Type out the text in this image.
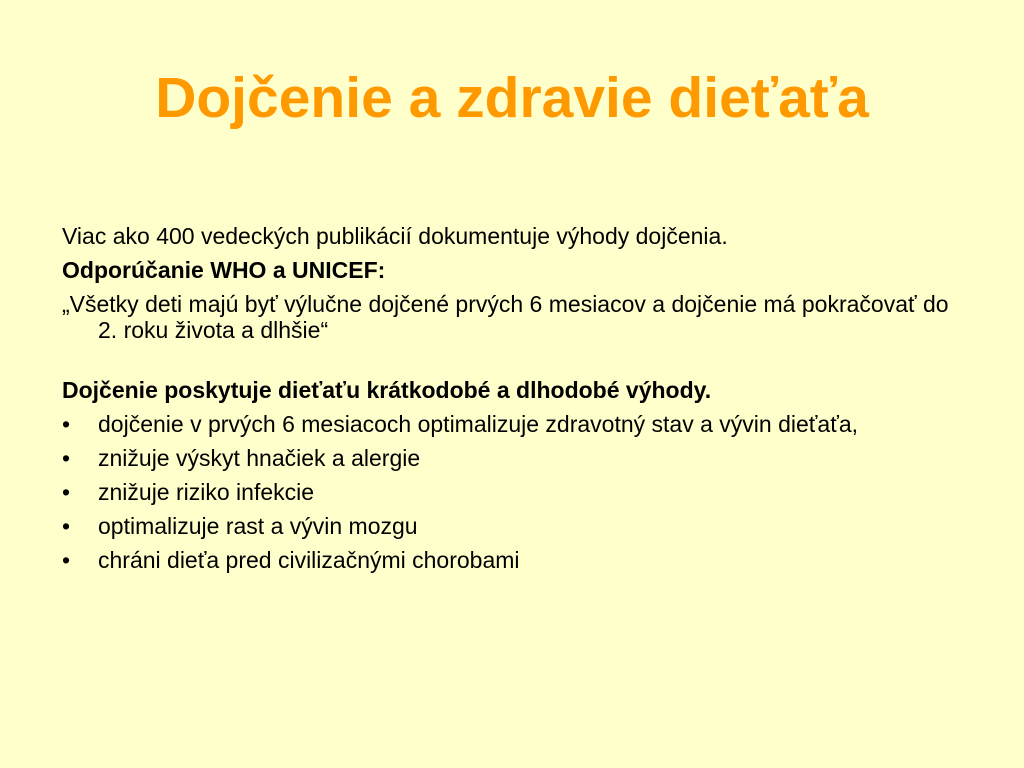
Dojčenie a zdravie dieťaťa

Viac ako 400 vedeckých publikácií dokumentuje výhody dojčenia.

Odporúčanie WHO a UNICEF:

„Všetky deti majú byť výlučne dojčené prvých 6 mesiacov a dojčenie má pokračovať do 2. roku života a dlhšie“

Dojčenie poskytuje dieťaťu krátkodobé a dlhodobé výhody.

•	dojčenie v prvých 6 mesiacoch optimalizuje zdravotný stav a vývin dieťaťa,
•	znižuje výskyt hnačiek a alergie
•	znižuje riziko infekcie
•	optimalizuje rast a vývin mozgu
•	chráni dieťa pred civilizačnými chorobami
